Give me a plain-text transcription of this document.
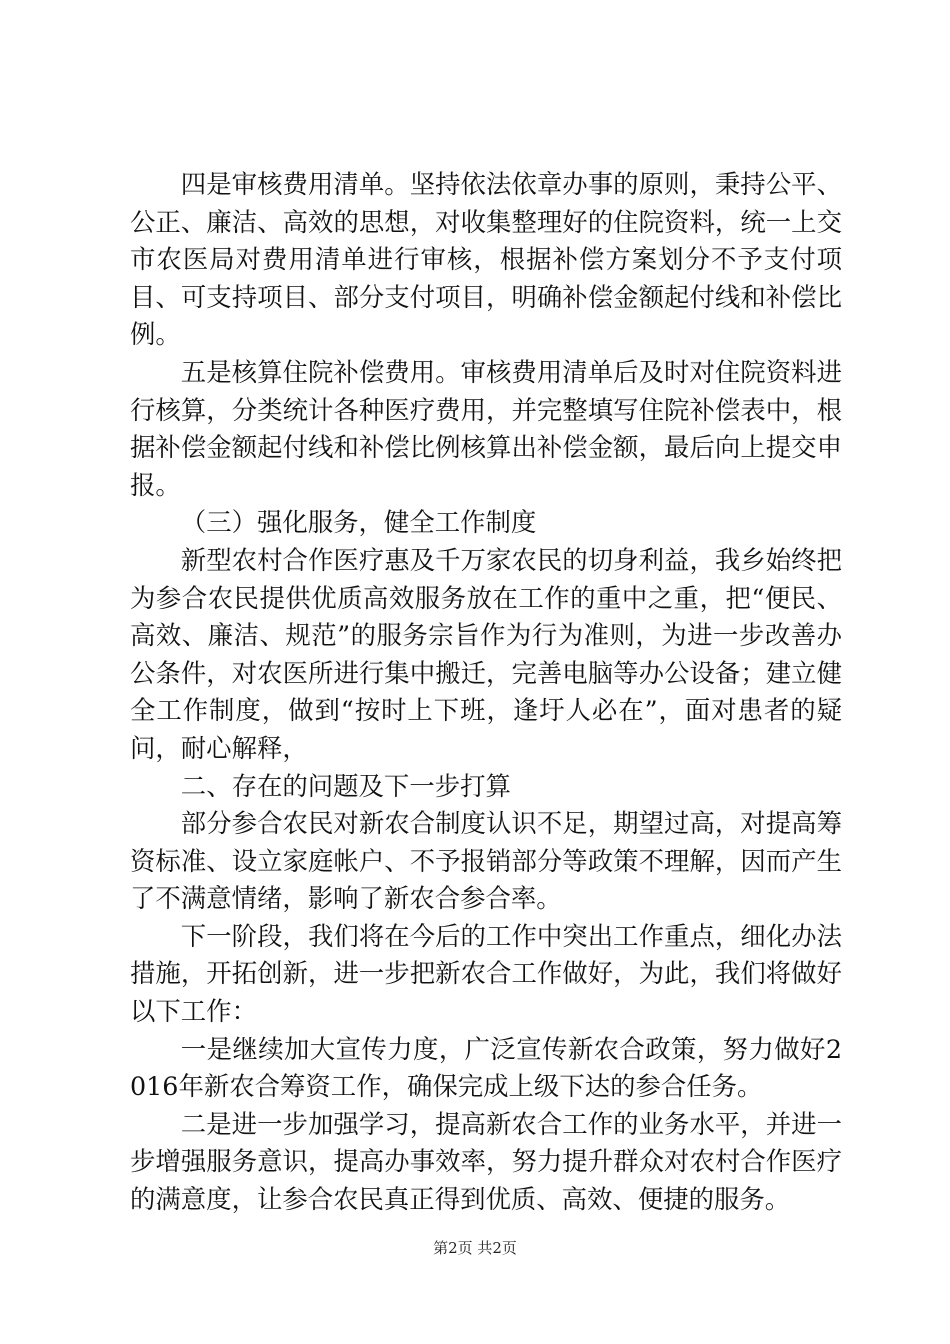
四是审核费用清单。坚持依法依章办事的原则，秉持公平、公正、廉洁、高效的思想，对收集整理好的住院资料，统一上交市农医局对费用清单进行审核，根据补偿方案划分不予支付项目、可支持项目、部分支付项目，明确补偿金额起付线和补偿比例。

五是核算住院补偿费用。审核费用清单后及时对住院资料进行核算，分类统计各种医疗费用，并完整填写住院补偿表中，根据补偿金额起付线和补偿比例核算出补偿金额，最后向上提交申报。

（三）强化服务，健全工作制度

新型农村合作医疗惠及千万家农民的切身利益，我乡始终把为参合农民提供优质高效服务放在工作的重中之重，把“便民、高效、廉洁、规范”的服务宗旨作为行为准则，为进一步改善办公条件，对农医所进行集中搬迁，完善电脑等办公设备；建立健全工作制度，做到“按时上下班，逢圩人必在”，面对患者的疑问，耐心解释，

二、存在的问题及下一步打算

部分参合农民对新农合制度认识不足，期望过高，对提高筹资标准、设立家庭帐户、不予报销部分等政策不理解，因而产生了不满意情绪，影响了新农合参合率。

下一阶段，我们将在今后的工作中突出工作重点，细化办法措施，开拓创新，进一步把新农合工作做好，为此，我们将做好以下工作：

一是继续加大宣传力度，广泛宣传新农合政策，努力做好2016年新农合筹资工作，确保完成上级下达的参合任务。

二是进一步加强学习，提高新农合工作的业务水平，并进一步增强服务意识，提高办事效率，努力提升群众对农村合作医疗的满意度，让参合农民真正得到优质、高效、便捷的服务。

第2页 共2页
